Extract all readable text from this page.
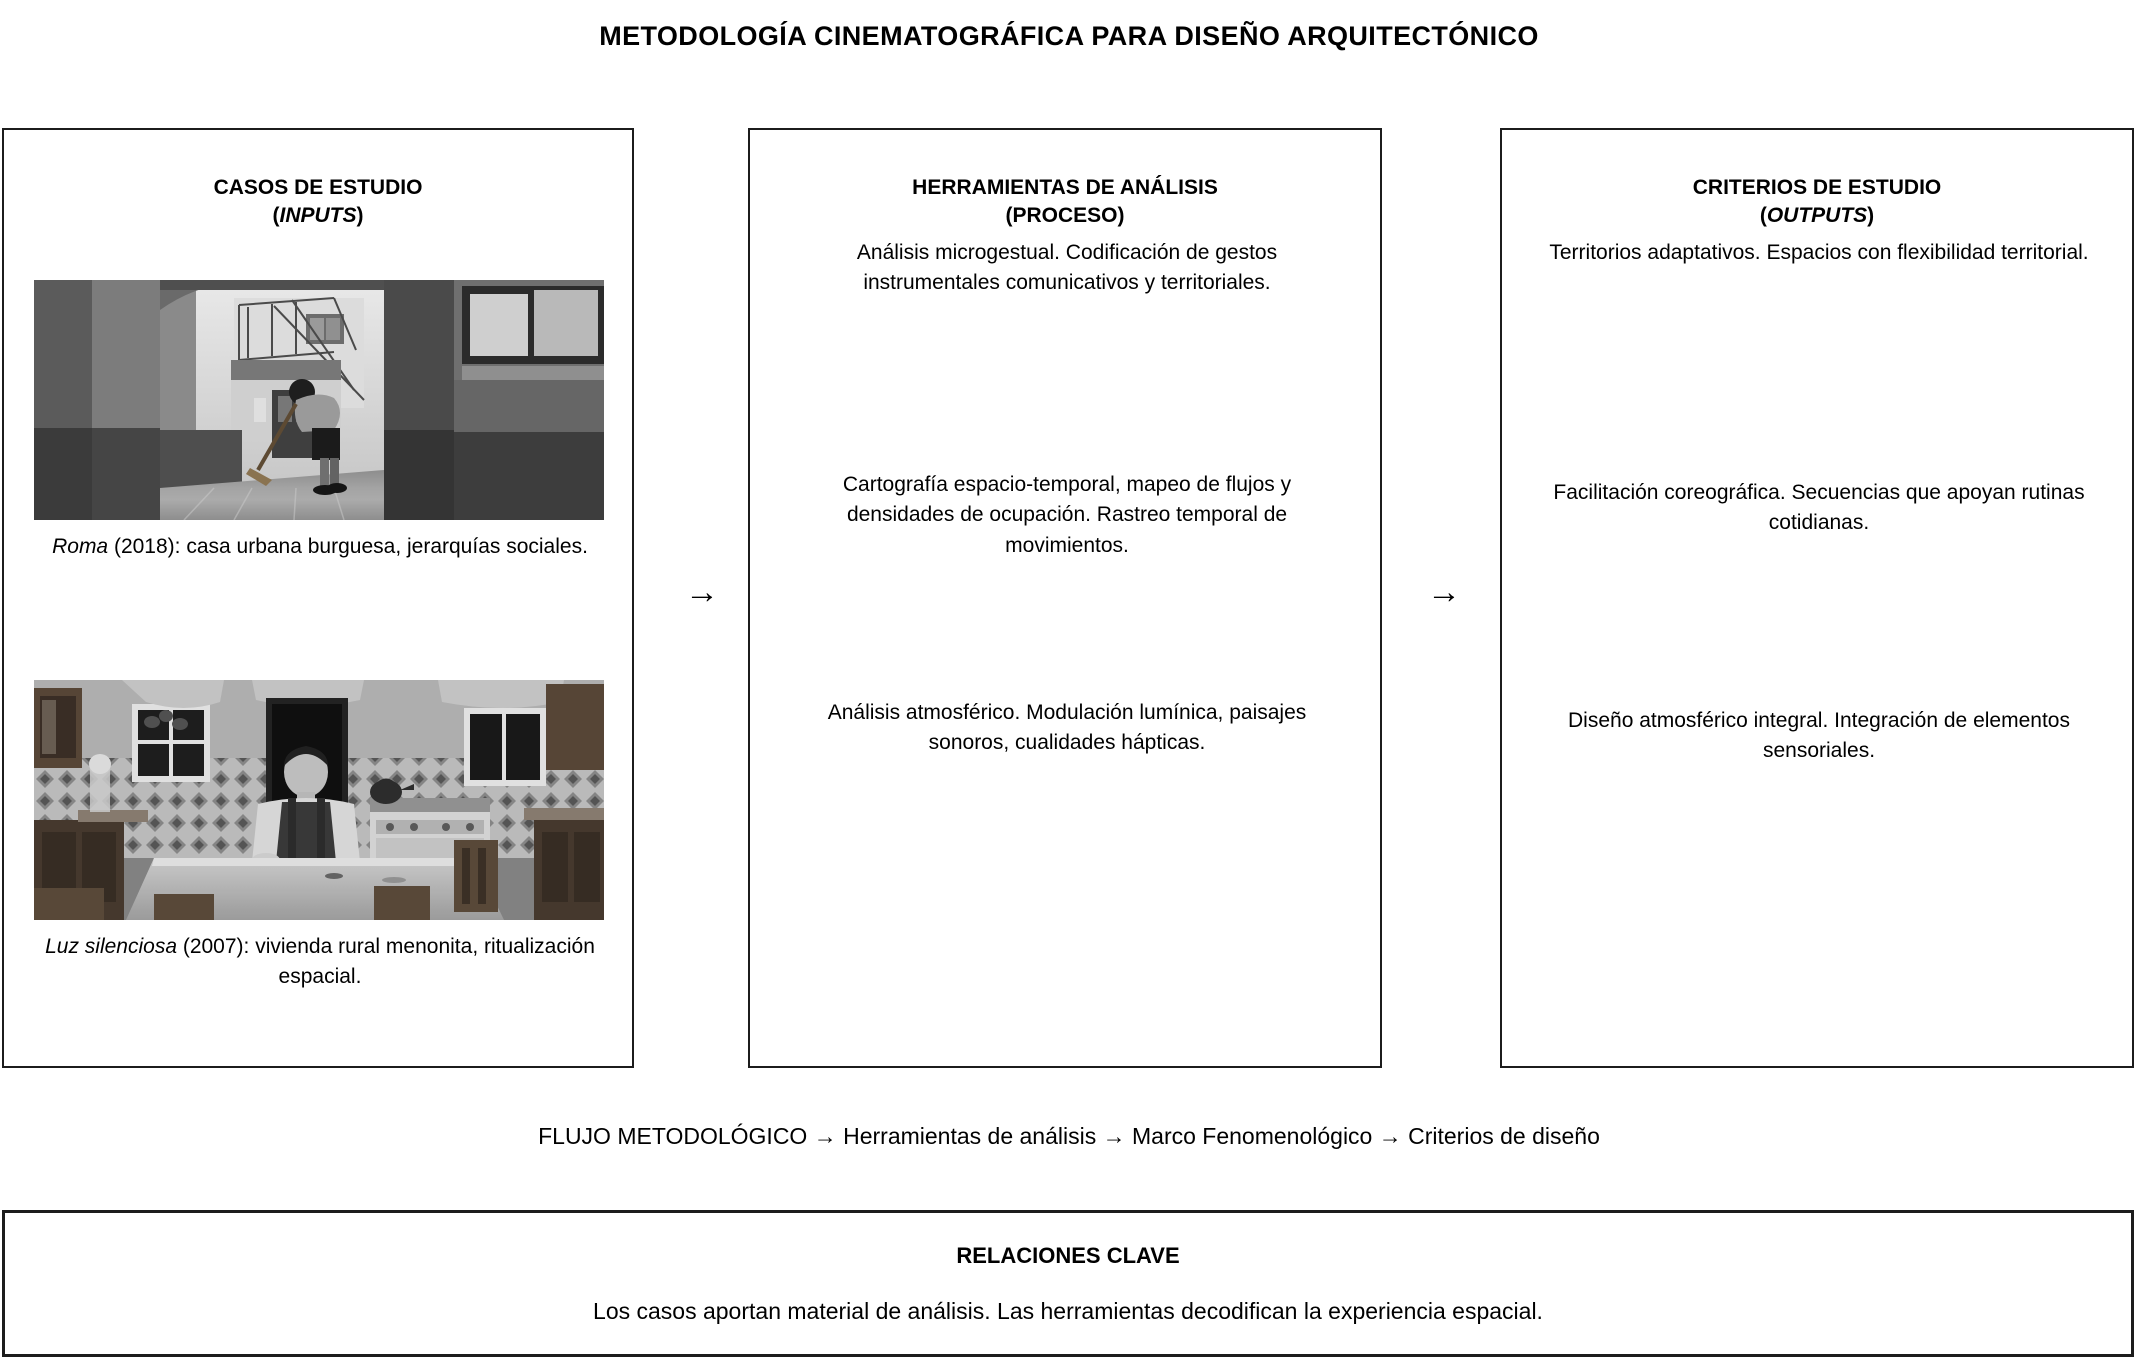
METODOLOGÍA CINEMATOGRÁFICA PARA DISEÑO ARQUITECTÓNICO
CASOS DE ESTUDIO
(INPUTS)
Roma (2018): casa urbana burguesa, jerarquías sociales.
Luz silenciosa (2007): vivienda rural menonita, ritualización espacial.
→
HERRAMIENTAS DE ANÁLISIS
(PROCESO)
Análisis microgestual. Codificación de gestos instrumentales comunicativos y territoriales.
Cartografía espacio-temporal, mapeo de flujos y densidades de ocupación. Rastreo temporal de movimientos.
Análisis atmosférico. Modulación lumínica, paisajes sonoros, cualidades hápticas.
→
CRITERIOS DE ESTUDIO
(OUTPUTS)
Territorios adaptativos. Espacios con flexibilidad territorial.
Facilitación coreográfica. Secuencias que apoyan rutinas cotidianas.
Diseño atmosférico integral. Integración de elementos sensoriales.
FLUJO METODOLÓGICO → Herramientas de análisis → Marco Fenomenológico → Criterios de diseño
RELACIONES CLAVE
Los casos aportan material de análisis. Las herramientas decodifican la experiencia espacial.
